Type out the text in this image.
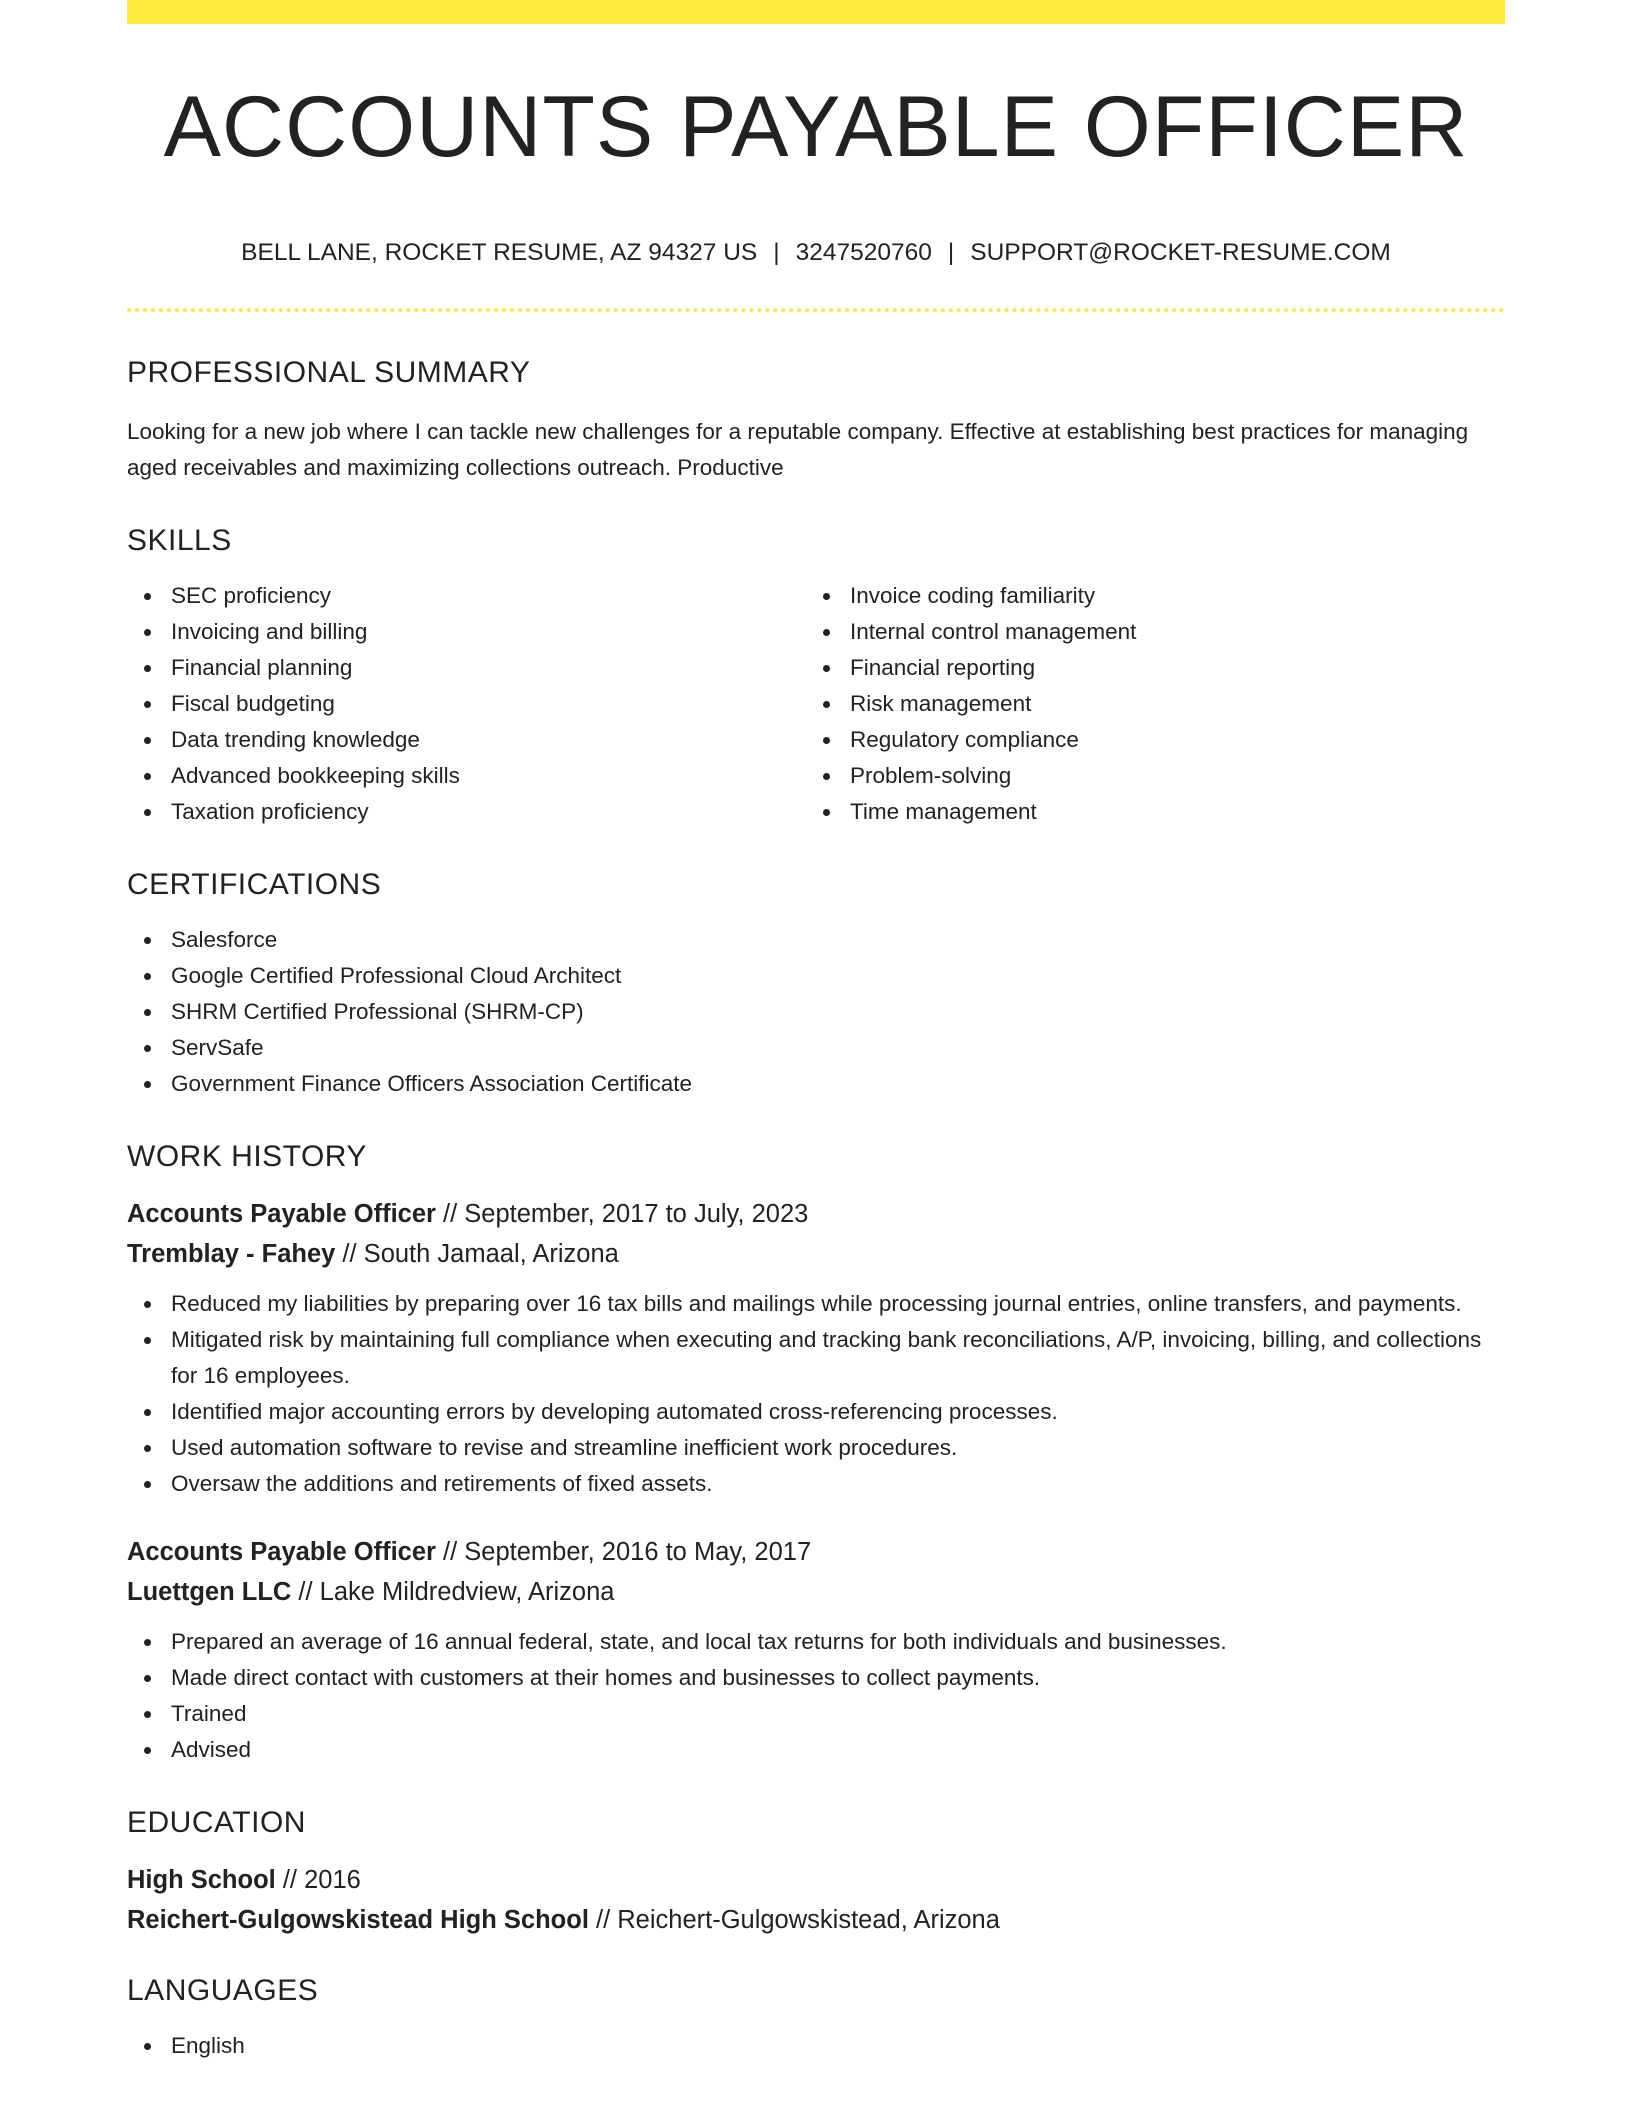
ACCOUNTS PAYABLE OFFICER
BELL LANE, ROCKET RESUME, AZ 94327 US | 3247520760 | SUPPORT@ROCKET-RESUME.COM
PROFESSIONAL SUMMARY
Looking for a new job where I can tackle new challenges for a reputable company. Effective at establishing best practices for managing aged receivables and maximizing collections outreach. Productive
SKILLS
SEC proficiency
Invoicing and billing
Financial planning
Fiscal budgeting
Data trending knowledge
Advanced bookkeeping skills
Taxation proficiency
Invoice coding familiarity
Internal control management
Financial reporting
Risk management
Regulatory compliance
Problem-solving
Time management
CERTIFICATIONS
Salesforce
Google Certified Professional Cloud Architect
SHRM Certified Professional (SHRM-CP)
ServSafe
Government Finance Officers Association Certificate
WORK HISTORY
Accounts Payable Officer // September, 2017 to July, 2023
Tremblay - Fahey // South Jamaal, Arizona
Reduced my liabilities by preparing over 16 tax bills and mailings while processing journal entries, online transfers, and payments.
Mitigated risk by maintaining full compliance when executing and tracking bank reconciliations, A/P, invoicing, billing, and collections for 16 employees.
Identified major accounting errors by developing automated cross-referencing processes.
Used automation software to revise and streamline inefficient work procedures.
Oversaw the additions and retirements of fixed assets.
Accounts Payable Officer // September, 2016 to May, 2017
Luettgen LLC // Lake Mildredview, Arizona
Prepared an average of 16 annual federal, state, and local tax returns for both individuals and businesses.
Made direct contact with customers at their homes and businesses to collect payments.
Trained
Advised
EDUCATION
High School // 2016
Reichert-Gulgowskistead High School // Reichert-Gulgowskistead, Arizona
LANGUAGES
English
